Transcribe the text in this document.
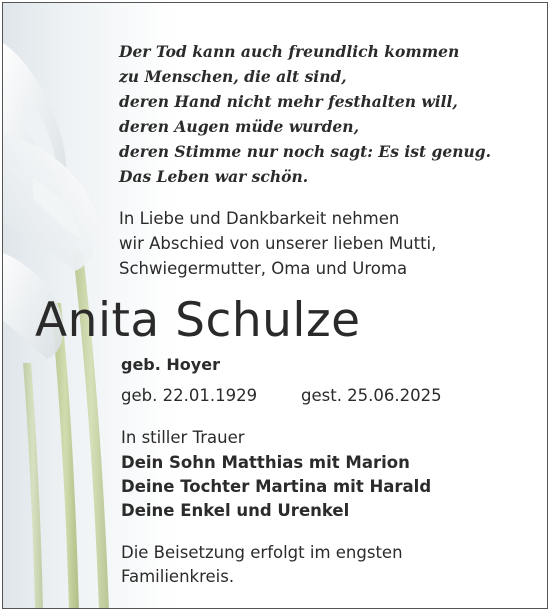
Der Tod kann auch freundlich kommen
zu Menschen, die alt sind,
deren Hand nicht mehr festhalten will,
deren Augen müde wurden,
deren Stimme nur noch sagt: Es ist genug.
Das Leben war schön.
In Liebe und Dankbarkeit nehmen
wir Abschied von unserer lieben Mutti,
Schwiegermutter, Oma und Uroma
Anita Schulze
geb. Hoyer
geb. 22.01.1929	gest. 25.06.2025
In stiller Trauer
Dein Sohn Matthias mit Marion
Deine Tochter Martina mit Harald
Deine Enkel und Urenkel
Die Beisetzung erfolgt im engsten
Familienkreis.
